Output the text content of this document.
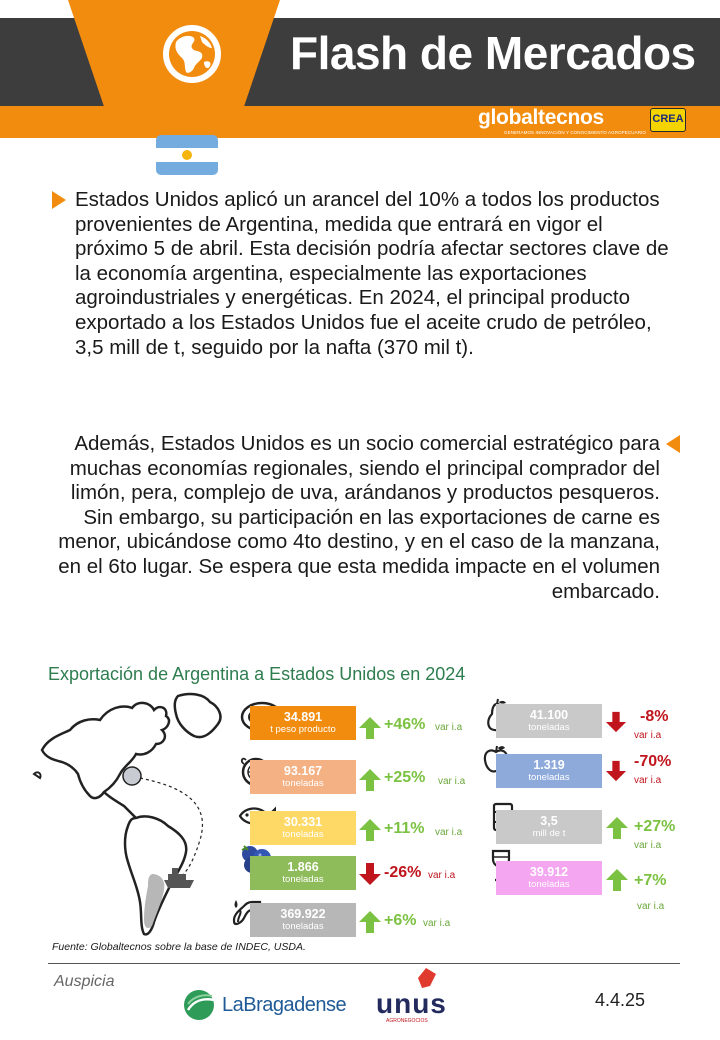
Flash de Mercados
globaltecnos
GENERAMOS INNOVACIÓN Y CONOCIMIENTO AGROPECUARIO
CREA

Estados Unidos aplicó un arancel del 10% a todos los productos provenientes de Argentina, medida que entrará en vigor el próximo 5 de abril. Esta decisión podría afectar sectores clave de la economía argentina, especialmente las exportaciones agroindustriales y energéticas. En 2024, el principal producto exportado a los Estados Unidos fue el aceite crudo de petróleo, 3,5 mill de t, seguido por la nafta (370 mil t).

Además, Estados Unidos es un socio comercial estratégico para muchas economías regionales, siendo el principal comprador del limón, pera, complejo de uva, arándanos y productos pesqueros. Sin embargo, su participación en las exportaciones de carne es menor, ubicándose como 4to destino, y en el caso de la manzana, en el 6to lugar. Se espera que esta medida impacte en el volumen embarcado.

Exportación de Argentina a Estados Unidos en 2024
34.891
t peso producto	+46% var i.a
93.167
toneladas	+25% var i.a
30.331
toneladas	+11% var i.a
1.866
toneladas	-26% var i.a
369.922
toneladas	+6% var i.a
41.100
toneladas
-8%
var i.a
1.319
toneladas
-70%
var i.a
3,5
mill de t	+27%
var i.a
39.912
toneladas	+7%
var i.a
Fuente: Globaltecnos sobre la base de INDEC, USDA.
Auspicia
LaBragadense unus
AGRONEGOCIOS
4.4.25
